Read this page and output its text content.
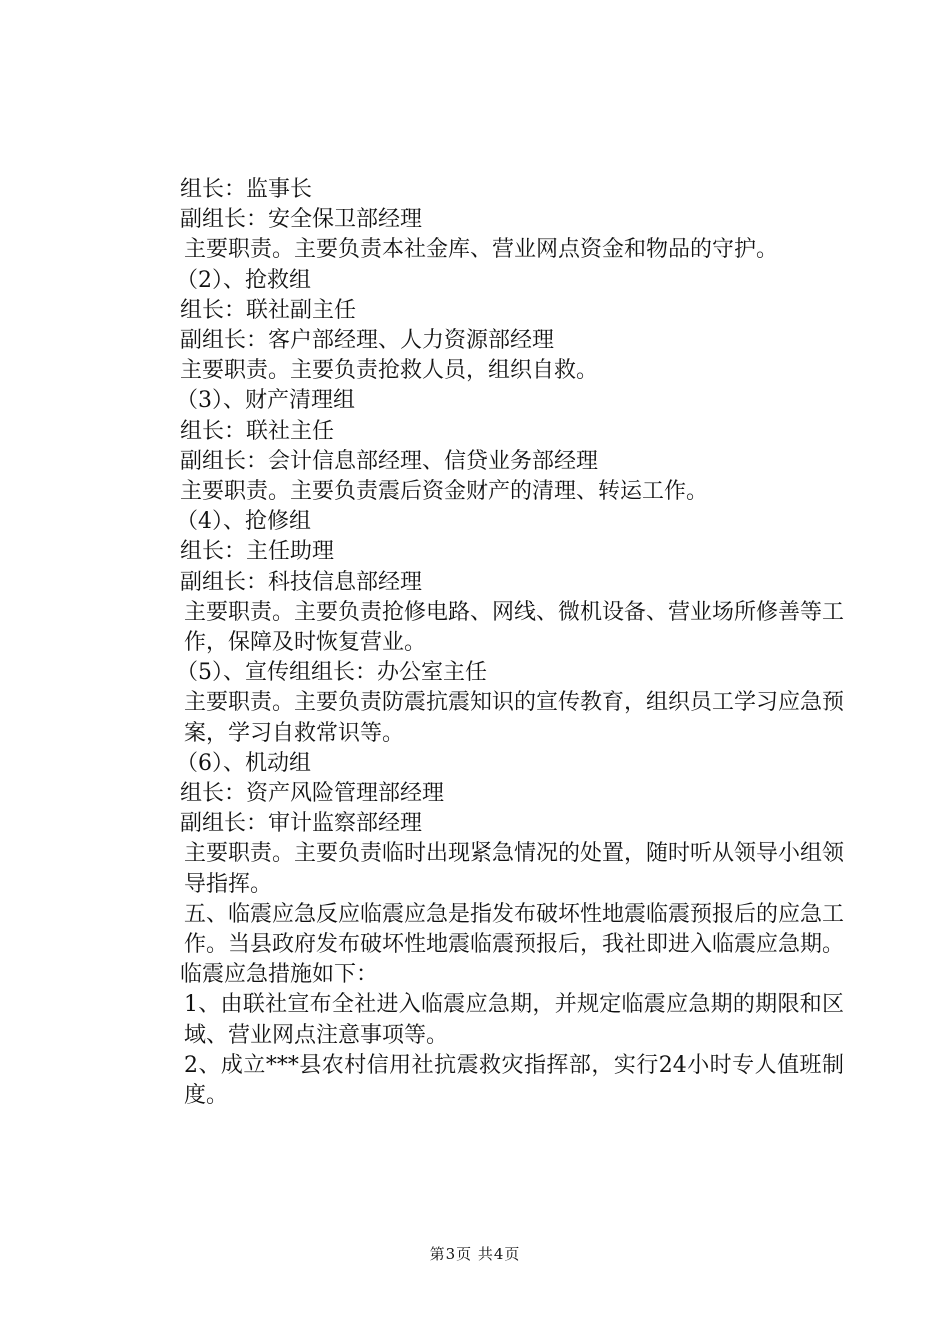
组长：监事长

副组长：安全保卫部经理

主要职责。主要负责本社金库、营业网点资金和物品的守护。

（2）、抢救组

组长：联社副主任

副组长：客户部经理、人力资源部经理

主要职责。主要负责抢救人员，组织自救。

（3）、财产清理组

组长：联社主任

副组长：会计信息部经理、信贷业务部经理

主要职责。主要负责震后资金财产的清理、转运工作。

（4）、抢修组

组长：主任助理

副组长：科技信息部经理

主要职责。主要负责抢修电路、网线、微机设备、营业场所修善等工作，保障及时恢复营业。

（5）、宣传组组长：办公室主任

主要职责。主要负责防震抗震知识的宣传教育，组织员工学习应急预案，学习自救常识等。

（6）、机动组

组长：资产风险管理部经理

副组长：审计监察部经理

主要职责。主要负责临时出现紧急情况的处置，随时听从领导小组领导指挥。

五、临震应急反应临震应急是指发布破坏性地震临震预报后的应急工作。当县政府发布破坏性地震临震预报后，我社即进入临震应急期。

临震应急措施如下：

1、由联社宣布全社进入临震应急期，并规定临震应急期的期限和区域、营业网点注意事项等。

2、成立***县农村信用社抗震救灾指挥部，实行24小时专人值班制度。

第3页 共4页
